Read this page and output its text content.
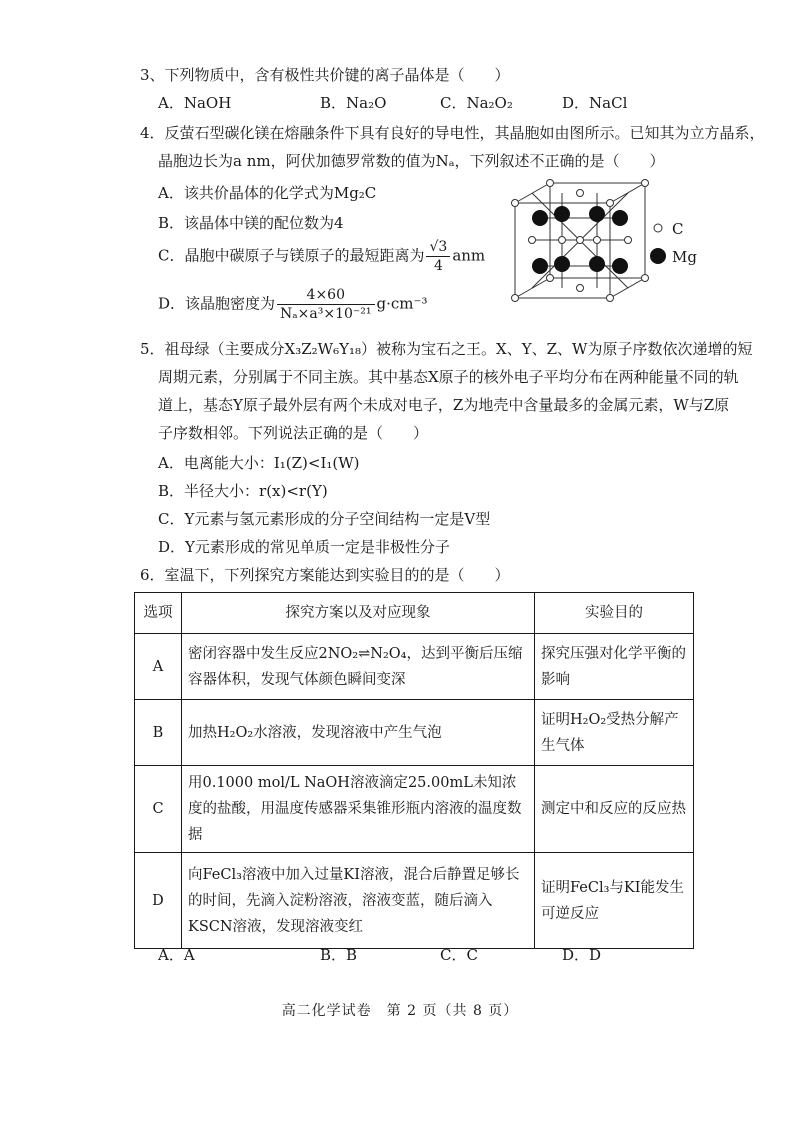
3、下列物质中，含有极性共价键的离子晶体是（　　）
A．NaOH	B．Na₂O	C．Na₂O₂	D．NaCl
4．反萤石型碳化镁在熔融条件下具有良好的导电性，其晶胞如由图所示。已知其为立方晶系，
晶胞边长为a nm，阿伏加德罗常数的值为Nₐ，下列叙述不正确的是（　　）
A．该共价晶体的化学式为Mg₂C
B．该晶体中镁的配位数为4
C．晶胞中碳原子与镁原子的最短距离为 $\frac{√3}{4}$ anm
D．该晶胞密度为 $\frac{4\times 60}{\text{Nₐ×a³×10⁻²¹}} g\cdot cm^{-3}$
C
Mg
5．祖母绿（主要成分X₃Z₂W₆Y₁₈）被称为宝石之王。X、Y、Z、W为原子序数依次递增的短
周期元素，分别属于不同主族。其中基态X原子的核外电子平均分布在两种能量不同的轨
道上，基态Y原子最外层有两个未成对电子，Z为地壳中含量最多的金属元素，W与Z原
子序数相邻。下列说法正确的是（　　）
A．电离能大小：I₁(Z)<I₁(W)
B．半径大小：r(x)<r(Y)
C．Y元素与氢元素形成的分子空间结构一定是V型
D．Y元素形成的常见单质一定是非极性分子
6．室温下，下列探究方案能达到实验目的的是（　　）
选项	探究方案以及对应现象	实验目的
A	密闭容器中发生反应2NO₂⇌N₂O₄，达到平衡后压缩容器体积，发现气体颜色瞬间变深	探究压强对化学平衡的影响
B	加热H₂O₂水溶液，发现溶液中产生气泡	证明H₂O₂受热分解产生气体
C	用0.1000 mol/L NaOH溶液滴定25.00mL未知浓度的盐酸，用温度传感器采集锥形瓶内溶液的温度数据	测定中和反应的反应热
D	向FeCl₃溶液中加入过量KI溶液，混合后静置足够长的时间，先滴入淀粉溶液，溶液变蓝，随后滴入KSCN溶液，发现溶液变红	证明FeCl₃与KI能发生可逆反应
A．A	B．B	C．C	D．D
高二化学试卷　第 2 页（共 8 页）
